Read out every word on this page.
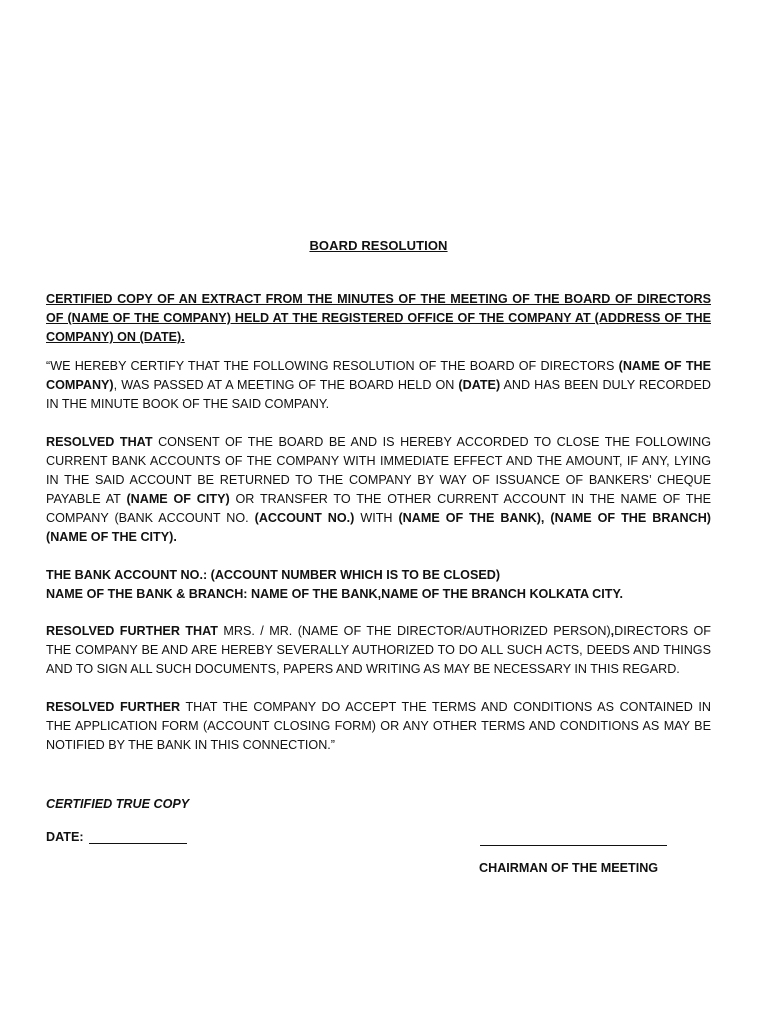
BOARD RESOLUTION

CERTIFIED COPY OF AN EXTRACT FROM THE MINUTES OF THE MEETING OF THE BOARD OF DIRECTORS OF (NAME OF THE COMPANY) HELD AT THE REGISTERED OFFICE OF THE COMPANY AT (ADDRESS OF THE COMPANY) ON (DATE).

“WE HEREBY CERTIFY THAT THE FOLLOWING RESOLUTION OF THE BOARD OF DIRECTORS (NAME OF THE COMPANY), WAS PASSED AT A MEETING OF THE BOARD HELD ON (DATE) AND HAS BEEN DULY RECORDED IN THE MINUTE BOOK OF THE SAID COMPANY.

RESOLVED THAT CONSENT OF THE BOARD BE AND IS HEREBY ACCORDED TO CLOSE THE FOLLOWING CURRENT BANK ACCOUNTS OF THE COMPANY WITH IMMEDIATE EFFECT AND THE AMOUNT, IF ANY, LYING IN THE SAID ACCOUNT BE RETURNED TO THE COMPANY BY WAY OF ISSUANCE OF BANKERS’ CHEQUE PAYABLE AT (NAME OF CITY) OR TRANSFER TO THE OTHER CURRENT ACCOUNT IN THE NAME OF THE COMPANY (BANK ACCOUNT NO. (ACCOUNT NO.) WITH (NAME OF THE BANK), (NAME OF THE BRANCH) (NAME OF THE CITY).

THE BANK ACCOUNT NO.: (ACCOUNT NUMBER WHICH IS TO BE CLOSED)
NAME OF THE BANK & BRANCH: NAME OF THE BANK,NAME OF THE BRANCH KOLKATA CITY.

RESOLVED FURTHER THAT MRS. / MR. (NAME OF THE DIRECTOR/AUTHORIZED PERSON),DIRECTORS OF THE COMPANY BE AND ARE HEREBY SEVERALLY AUTHORIZED TO DO ALL SUCH ACTS, DEEDS AND THINGS AND TO SIGN ALL SUCH DOCUMENTS, PAPERS AND WRITING AS MAY BE NECESSARY IN THIS REGARD.

RESOLVED FURTHER THAT THE COMPANY DO ACCEPT THE TERMS AND CONDITIONS AS CONTAINED IN THE APPLICATION FORM (ACCOUNT CLOSING FORM) OR ANY OTHER TERMS AND CONDITIONS AS MAY BE NOTIFIED BY THE BANK IN THIS CONNECTION.”

CERTIFIED TRUE COPY
DATE:
CHAIRMAN OF THE MEETING
